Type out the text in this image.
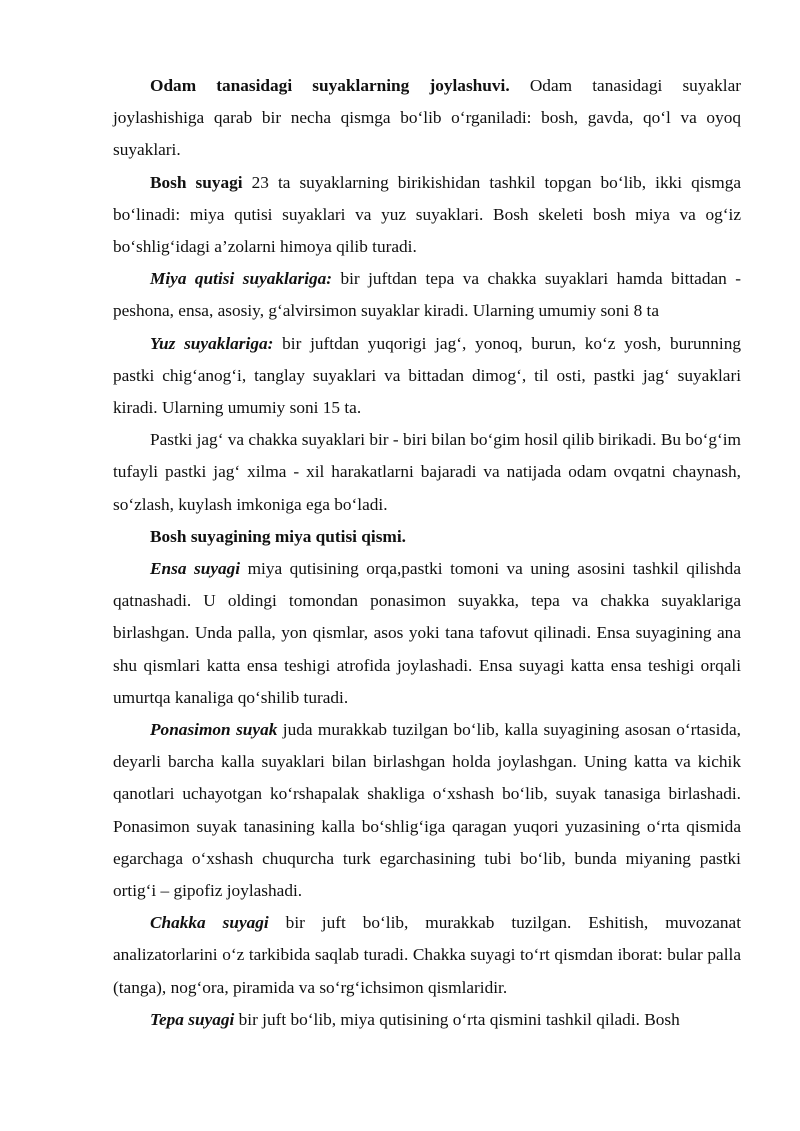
Odam tanasidagi suyaklarning joylashuvi. Odam tanasidagi suyaklar joylashishiga qarab bir necha qismga bo‘lib o‘rganiladi: bosh, gavda, qo‘l va oyoq suyaklari.

Bosh suyagi 23 ta suyaklarning birikishidan tashkil topgan bo‘lib, ikki qismga bo‘linadi: miya qutisi suyaklari va yuz suyaklari. Bosh skeleti bosh miya va og‘iz bo‘shlig‘idagi a’zolarni himoya qilib turadi.

Miya qutisi suyaklariga: bir juftdan tepa va chakka suyaklari hamda bittadan - peshona, ensa, asosiy, g‘alvirsimon suyaklar kiradi. Ularning umumiy soni 8 ta

Yuz suyaklariga: bir juftdan yuqorigi jag‘, yonoq, burun, ko‘z yosh, burunning pastki chig‘anog‘i, tanglay suyaklari va bittadan dimog‘, til osti, pastki jag‘ suyaklari kiradi. Ularning umumiy soni 15 ta.

Pastki jag‘ va chakka suyaklari bir - biri bilan bo‘gim hosil qilib birikadi. Bu bo‘g‘im tufayli pastki jag‘ xilma - xil harakatlarni bajaradi va natijada odam ovqatni chaynash, so‘zlash, kuylash imkoniga ega bo‘ladi.

Bosh suyagining miya qutisi qismi.

Ensa suyagi miya qutisining orqa,pastki tomoni va uning asosini tashkil qilishda qatnashadi. U oldingi tomondan ponasimon suyakka, tepa va chakka suyaklariga birlashgan. Unda palla, yon qismlar, asos yoki tana tafovut qilinadi. Ensa suyagining ana shu qismlari katta ensa teshigi atrofida joylashadi. Ensa suyagi katta ensa teshigi orqali umurtqa kanaliga qo‘shilib turadi.

Ponasimon suyak juda murakkab tuzilgan bo‘lib, kalla suyagining asosan o‘rtasida, deyarli barcha kalla suyaklari bilan birlashgan holda joylashgan. Uning katta va kichik qanotlari uchayotgan ko‘rshapalak shakliga o‘xshash bo‘lib, suyak tanasiga birlashadi. Ponasimon suyak tanasining kalla bo‘shlig‘iga qaragan yuqori yuzasining o‘rta qismida egarchaga o‘xshash chuqurcha turk egarchasining tubi bo‘lib, bunda miyaning pastki ortig‘i – gipofiz joylashadi.

Chakka suyagi bir juft bo‘lib, murakkab tuzilgan. Eshitish, muvozanat analizatorlarini o‘z tarkibida saqlab turadi. Chakka suyagi to‘rt qismdan iborat: bular palla (tanga), nog‘ora, piramida va so‘rg‘ichsimon qismlaridir.

Tepa suyagi bir juft bo‘lib, miya qutisining o‘rta qismini tashkil qiladi. Bosh
